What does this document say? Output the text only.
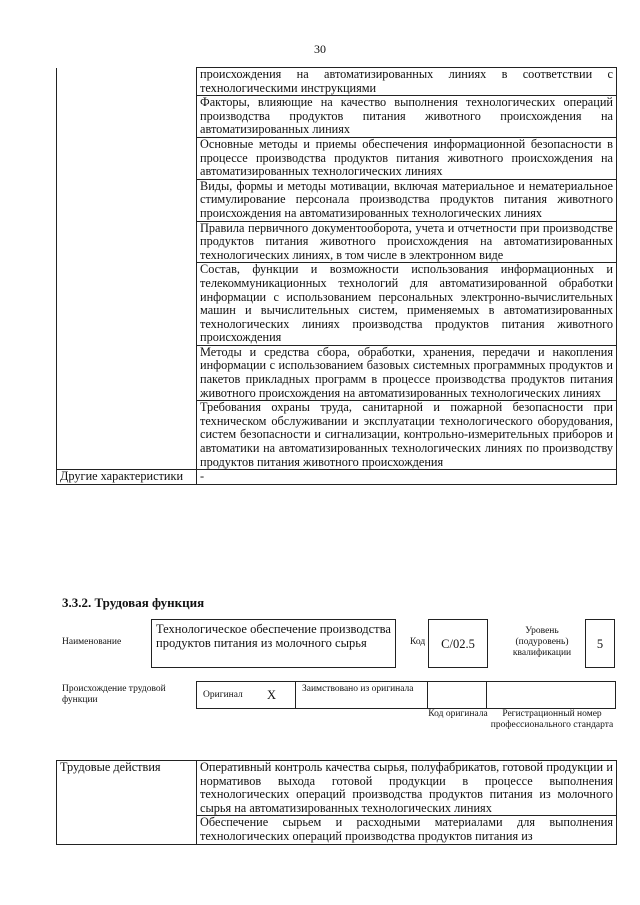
30
	происхождения на автоматизированных линиях в соответствии с технологическими инструкциями
	Факторы, влияющие на качество выполнения технологических операций производства продуктов питания животного происхождения на автоматизированных линиях
	Основные методы и приемы обеспечения информационной безопасности в процессе производства продуктов питания животного происхождения на автоматизированных технологических линиях
	Виды, формы и методы мотивации, включая материальное и нематериальное стимулирование персонала производства продуктов питания животного происхождения на автоматизированных технологических линиях
	Правила первичного документооборота, учета и отчетности при производстве продуктов питания животного происхождения на автоматизированных технологических линиях, в том числе в электронном виде
	Состав, функции и возможности использования информационных и телекоммуникационных технологий для автоматизированной обработки информации с использованием персональных электронно-вычислительных машин и вычислительных систем, применяемых в автоматизированных технологических линиях производства продуктов питания животного происхождения
	Методы и средства сбора, обработки, хранения, передачи и накопления информации с использованием базовых системных программных продуктов и пакетов прикладных программ в процессе производства продуктов питания животного происхождения на автоматизированных технологических линиях
	Требования охраны труда, санитарной и пожарной безопасности при техническом обслуживании и эксплуатации технологического оборудования, систем безопасности и сигнализации, контрольно-измерительных приборов и автоматики на автоматизированных технологических линиях по производству продуктов питания животного происхождения
Другие характеристики	-
3.3.2. Трудовая функция
Наименование
Технологическое обеспечение производства продуктов питания из молочного сырья	Код С/02.5
Уровень (подуровень) квалификации
5
Происхождение трудовой функции	Оригинал X	Заимствовано из оригинала
Код оригинала	Регистрационный номер профессионального стандарта
Трудовые действия	Оперативный контроль качества сырья, полуфабрикатов, готовой продукции и нормативов выхода готовой продукции в процессе выполнения технологических операций производства продуктов питания из молочного сырья на автоматизированных технологических линиях
Обеспечение сырьем и расходными материалами для выполнения технологических операций производства продуктов питания из
